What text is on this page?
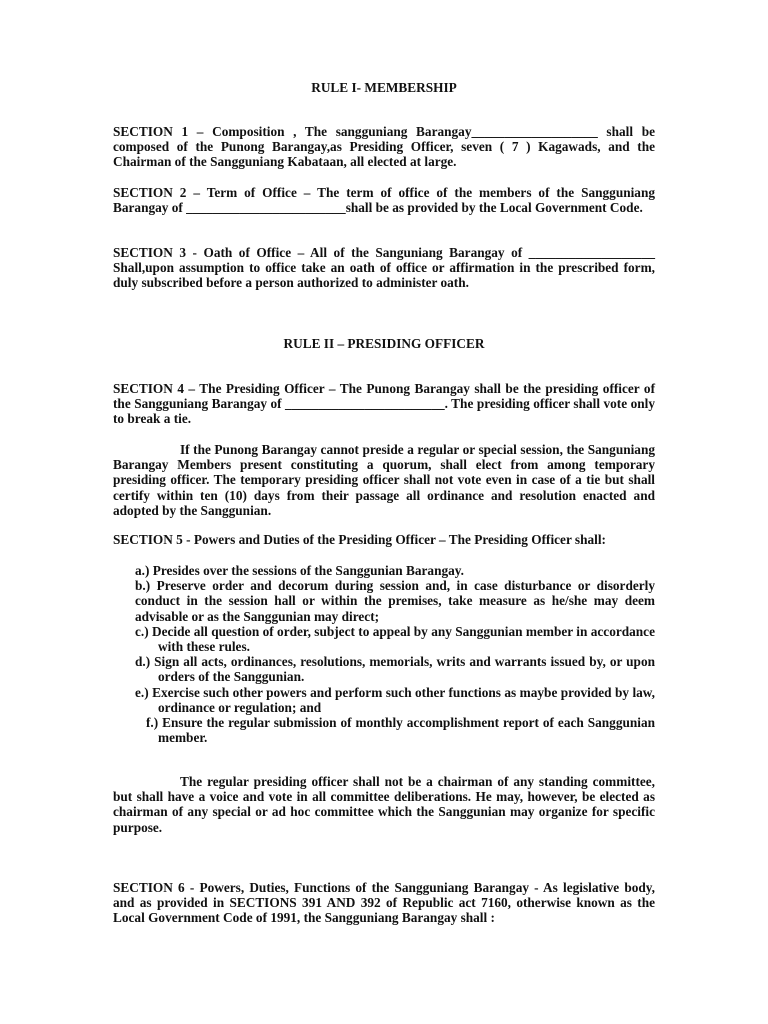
RULE I- MEMBERSHIP

SECTION 1 – Composition , The sangguniang Barangay___________________ shall be composed of the Punong Barangay,as Presiding Officer, seven ( 7 ) Kagawads, and the Chairman of the Sangguniang Kabataan, all elected at large.

SECTION 2 – Term of Office – The term of office of the members of the Sangguniang Barangay of ________________________shall be as provided by the Local Government Code.

SECTION 3 - Oath of Office – All of the Sanguniang Barangay of ___________________ Shall,upon assumption to office take an oath of office or affirmation in the prescribed form, duly subscribed before a person authorized to administer oath.

RULE II – PRESIDING OFFICER

SECTION 4 – The Presiding Officer – The Punong Barangay shall be the presiding officer of the Sangguniang Barangay of ________________________. The presiding officer shall vote only to break a tie.

If the Punong Barangay cannot preside a regular or special session, the Sanguniang Barangay Members present constituting a quorum, shall elect from among temporary presiding officer. The temporary presiding officer shall not vote even in case of a tie but shall certify within ten (10) days from their passage all ordinance and resolution enacted and adopted by the Sanggunian.

SECTION 5 - Powers and Duties of the Presiding Officer – The Presiding Officer shall:

a.) Presides over the sessions of the Sanggunian Barangay.
b.) Preserve order and decorum during session and, in case disturbance or disorderly conduct in the session hall or within the premises, take measure as he/she may deem advisable or as the Sanggunian may direct;
c.) Decide all question of order, subject to appeal by any Sanggunian member in accordance with these rules.
d.) Sign all acts, ordinances, resolutions, memorials, writs and warrants issued by, or upon orders of the Sanggunian.
e.) Exercise such other powers and perform such other functions as maybe provided by law, ordinance or regulation; and
f.) Ensure the regular submission of monthly accomplishment report of each Sanggunian member.

The regular presiding officer shall not be a chairman of any standing committee, but shall have a voice and vote in all committee deliberations. He may, however, be elected as chairman of any special or ad hoc committee which the Sanggunian may organize for specific purpose.

SECTION 6 - Powers, Duties, Functions of the Sangguniang Barangay - As legislative body, and as provided in SECTIONS 391 AND 392 of Republic act 7160, otherwise known as the Local Government Code of 1991, the Sangguniang Barangay shall :
